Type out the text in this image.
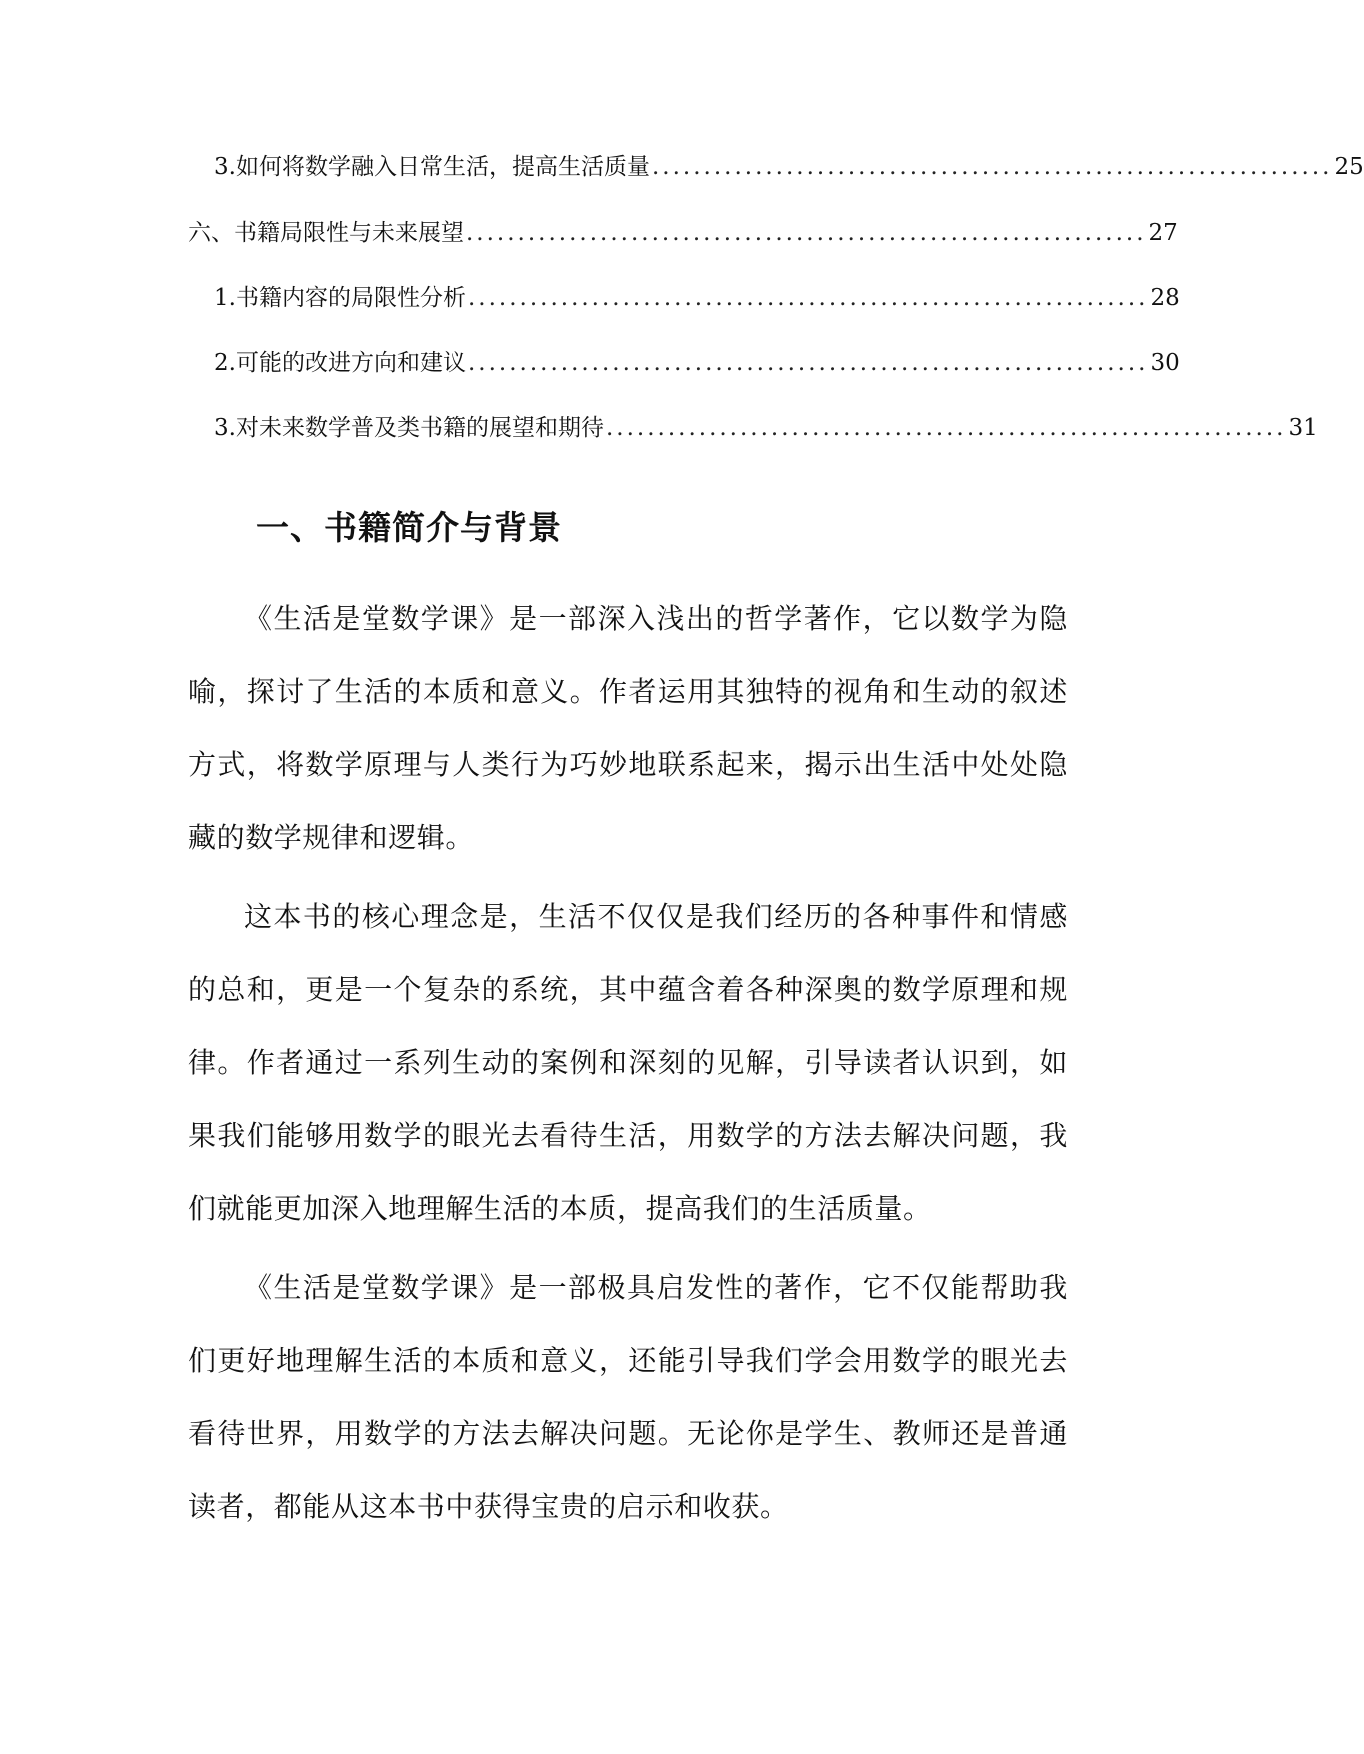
3. 如何将数学融入日常生活，提高生活质量 .................................................................. 25
六、书籍局限性与未来展望 .................................................................. 27
1. 书籍内容的局限性分析 .................................................................. 28
2. 可能的改进方向和建议 .................................................................. 30
3. 对未来数学普及类书籍的展望和期待 .................................................................. 31
一、书籍简介与背景

《生活是堂数学课》是一部深入浅出的哲学著作，它以数学为隐喻，探讨了生活的本质和意义。作者运用其独特的视角和生动的叙述方式，将数学原理与人类行为巧妙地联系起来，揭示出生活中处处隐藏的数学规律和逻辑。

这本书的核心理念是，生活不仅仅是我们经历的各种事件和情感的总和，更是一个复杂的系统，其中蕴含着各种深奥的数学原理和规律。作者通过一系列生动的案例和深刻的见解，引导读者认识到，如果我们能够用数学的眼光去看待生活，用数学的方法去解决问题，我们就能更加深入地理解生活的本质，提高我们的生活质量。

《生活是堂数学课》是一部极具启发性的著作，它不仅能帮助我们更好地理解生活的本质和意义，还能引导我们学会用数学的眼光去看待世界，用数学的方法去解决问题。无论你是学生、教师还是普通读者，都能从这本书中获得宝贵的启示和收获。
